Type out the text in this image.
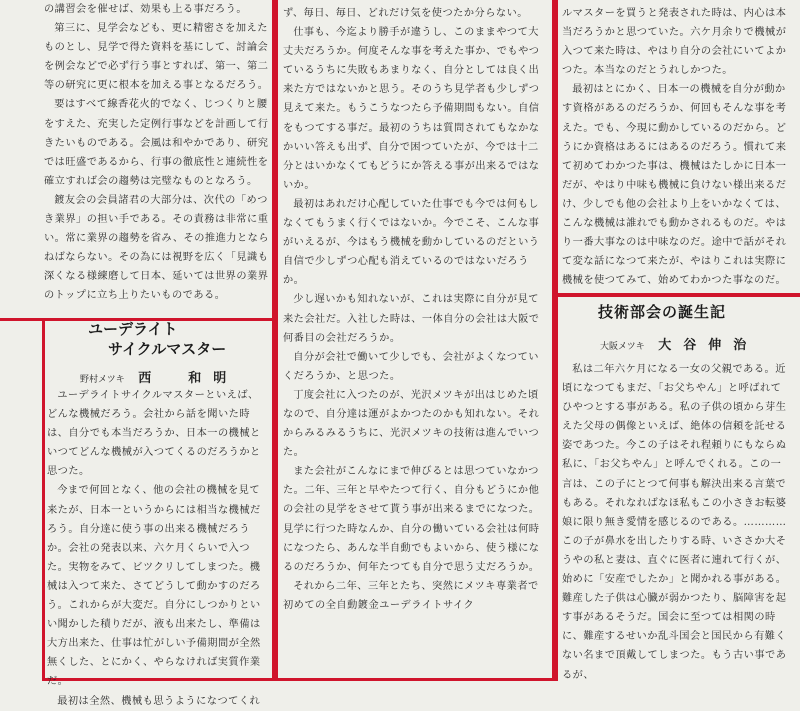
の講習会を催せば、効果も上る事だろう。

第三に、見学会なども、更に精密さを加えたものとし、見学で得た資料を基にして、討論会を例会などで必ず行う事とすれば、第一、第二等の研究に更に根本を加える事となるだろう。

要はすべて線香花火的でなく、じつくりと腰をすえた、充実した定例行事などを計画して行きたいものである。会風は和やかであり、研究では旺盛であるから、行事の徹底性と連続性を確立すれば会の趨勢は完璧なものとなろう。

鍍友会の会員諸君の大部分は、次代の「めつき業界」の担い手である。その責務は非常に重い。常に業界の趨勢を省み、その推進力とならねばならない。その為には視野を広く「見識も深くなる様練磨して日本、延いては世界の業界のトップに立ち上りたいものである。

ユーデライト
サイクルマスター
野村メツキ 西　和明

ユーデライトサイクルマスターといえば、どんな機械だろう。会社から話を聞いた時は、自分でも本当だろうか、日本一の機械といつてどんな機械が入つてくるのだろうかと思つた。

今まで何回となく、他の会社の機械を見て来たが、日本一というからには相当な機械だろう。自分達に使う事の出来る機械だろうか。会社の発表以来、六ケ月くらいで入つた。実物をみて、ビツクリしてしまつた。機械は入つて来た、さてどうして動かすのだろう。これからが大変だ。自分にしつかりといい聞かした積りだが、液も出来たし、準備は大方出来た、仕事は忙がしい予備期間が全然無くした、とにかく、やらなければ実質作業だ。

最初は全然、機械も思うようになつてくれ

ず、毎日、毎日、どれだけ気を使つたか分らない。

仕事も、今迄より勝手が違うし、このままやつて大丈夫だろうか。何度そんな事を考えた事か、でもやつているうちに失敗もあまりなく、自分としては良く出来た方ではないかと思う。そのうち見学者も少しずつ見えて来た。もうこうなつたら予備期間もない。自信をもつてする事だ。最初のうちは質問されてもなかなかいい答えも出ず、自分で困つていたが、今では十二分とはいかなくてもどうにか答える事が出来るではないか。

最初はあれだけ心配していた仕事でも今では何もしなくてもうまく行くではないか。今でこそ、こんな事がいえるが、今はもう機械を動かしているのだという自信で少しずつ心配も消えているのではないだろうか。

少し遅いかも知れないが、これは実際に自分が見て来た会社だ。入社した時は、一体自分の会社は大阪で何番目の会社だろうか。

自分が会社で働いて少しでも、会社がよくなつていくだろうか、と思つた。

丁度会社に入つたのが、光沢メツキが出はじめた頃なので、自分達は運がよかつたのかも知れない。それからみるみるうちに、光沢メツキの技術は進んでいつた。

また会社がこんなにまで伸びるとは思つていなかつた。二年、三年と早やたつて行く、自分もどうにか他の会社の見学をさせて貰う事が出来るまでになつた。見学に行つた時なんか、自分の働いている会社は何時になつたら、あんな半自動でもよいから、使う様になるのだろうか、何年たつても自分で思う丈だろうか。

それから二年、三年とたち、突然にメツキ専業者で初めての全自動鍍金ユーデライトサイク

ルマスターを買うと発表された時は、内心は本当だろうかと思つていた。六ケ月余りで機械が入つて来た時は、やはり自分の会社にいてよかつた。本当なのだとうれしかつた。

最初はとにかく、日本一の機械を自分が動かす資格があるのだろうか、何回もそんな事を考えた。でも、今現に動かしているのだから。どうにか資格はあるにはあるのだろう。慣れて来て初めてわかつた事は、機械はたしかに日本一だが、やはり中味も機械に負けない様出来るだけ、少しでも他の会社より上をいかなくては、こんな機械は誰れでも動かされるものだ。やはり一番大事なのは中味なのだ。途中で話がそれて変な話になつて来たが、やはりこれは実際に機械を使つてみて、始めてわかつた事なのだ。

技術部会の誕生記
大阪メツキ 大谷伸治

私は二年六ケ月になる一女の父親である。近頃になつてもまだ、「お父ちやん」と呼ばれてひやつとする事がある。私の子供の頃から芽生えた父母の偶像といえば、絶体の信頼を託せる姿であつた。今この子はそれ程頼りにもならぬ私に、「お父ちやん」と呼んでくれる。この一言は、この子にとつて何事も解決出来る言葉でもある。それなればなほ私もこの小さきお転婆娘に限り無き愛情を感じるのである。…………この子が鼻水を出したりする時、いささか大そうやの私と妻は、直ぐに医者に連れて行くが、始めに「安産でしたか」と聞かれる事がある。難産した子供は心臓が弱かつたり、脳障害を起す事があるそうだ。国会に至つては相関の時に、難産するせいか乱斗国会と国民から有難くない名まで頂戴してしまつた。もう古い事であるが、
